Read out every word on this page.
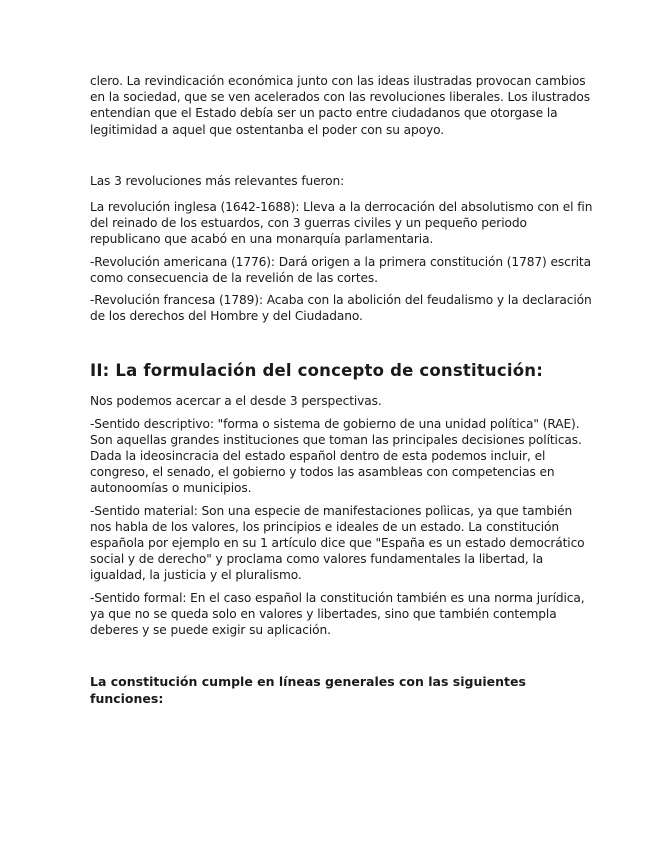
clero. La revindicación económica junto con las ideas ilustradas provocan cambios en la sociedad, que se ven acelerados con las revoluciones liberales. Los ilustrados entendian que el Estado debía ser un pacto entre ciudadanos que otorgase la legitimidad a aquel que ostentanba el poder con su apoyo.

Las 3 revoluciones más relevantes fueron:

La revolución inglesa (1642-1688): Lleva a la derrocación del absolutismo con el fin del reinado de los estuardos, con 3 guerras civiles y un pequeño periodo republicano que acabó en una monarquía parlamentaria.

-Revolución americana (1776): Dará origen a la primera constitución (1787) escrita como consecuencia de la revelión de las cortes.

-Revolución francesa (1789): Acaba con la abolición del feudalismo y la declaración de los derechos del Hombre y del Ciudadano.

II: La formulación del concepto de constitución:

Nos podemos acercar a el desde 3 perspectivas.

-Sentido descriptivo: "forma o sistema de gobierno de una unidad política" (RAE). Son aquellas grandes instituciones que toman las principales decisiones políticas. Dada la ideosincracia del estado español dentro de esta podemos incluir, el congreso, el senado, el gobierno y todos las asambleas con competencias en autonoomías o municipios.

-Sentido material: Son una especie de manifestaciones polìicas, ya que también nos habla de los valores, los principios e ideales de un estado. La constitución española por ejemplo en su 1 artículo dice que "España es un estado democrático social y de derecho" y proclama como valores fundamentales la libertad, la igualdad, la justicia y el pluralismo.

-Sentido formal: En el caso español la constitución también es una norma jurídica, ya que no se queda solo en valores y libertades, sino que también contempla deberes y se puede exigir su aplicación.

La constitución cumple en líneas generales con las siguientes funciones:
